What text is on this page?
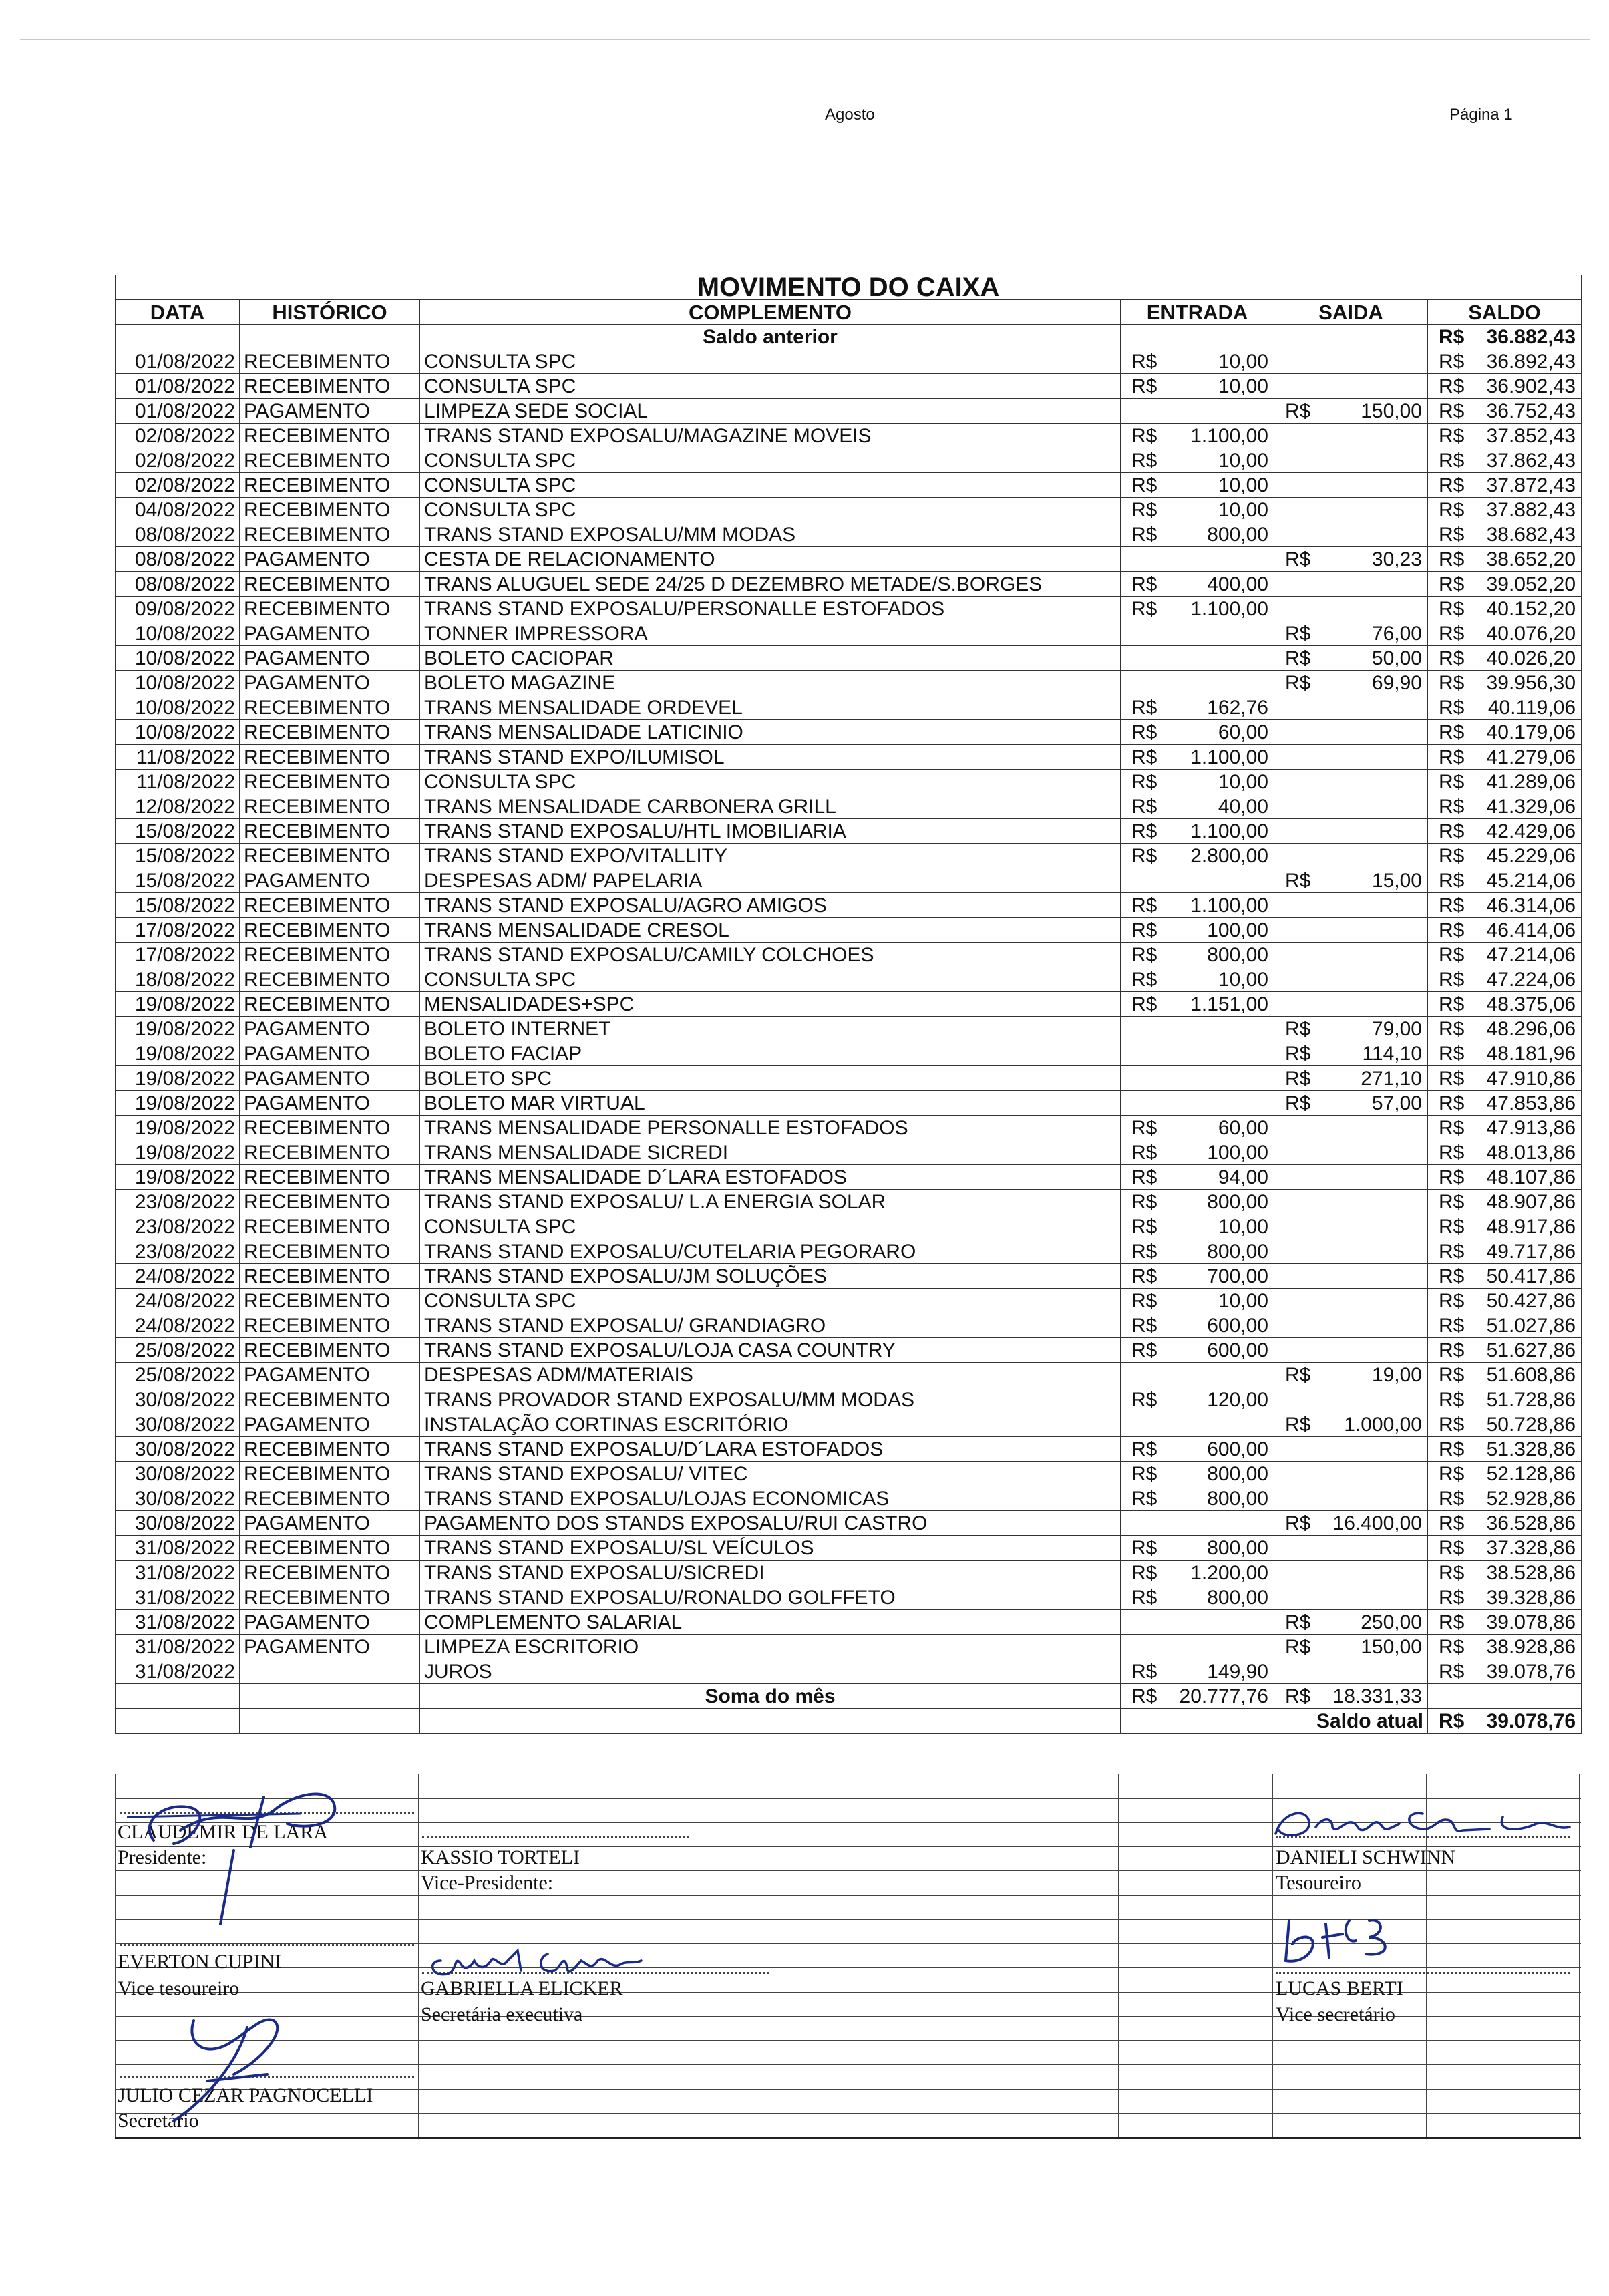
Agosto	Página 1
MOVIMENTO DO CAIXA					
DATA	HISTÓRICO	COMPLEMENTO	ENTRADA	SAIDA	SALDO
		Saldo anterior			R$ 36.882,43

01/08/2022	RECEBIMENTO	CONSULTA SPC	R$ 10,00		R$ 36.892,43

01/08/2022	RECEBIMENTO	CONSULTA SPC	R$ 10,00		R$ 36.902,43

01/08/2022	PAGAMENTO	LIMPEZA SEDE SOCIAL		R$ 150,00	R$ 36.752,43

02/08/2022	RECEBIMENTO	TRANS STAND EXPOSALU/MAGAZINE MOVEIS	R$ 1.100,00		R$ 37.852,43

02/08/2022	RECEBIMENTO	CONSULTA SPC	R$ 10,00		R$ 37.862,43

02/08/2022	RECEBIMENTO	CONSULTA SPC	R$ 10,00		R$ 37.872,43

04/08/2022	RECEBIMENTO	CONSULTA SPC	R$ 10,00		R$ 37.882,43

08/08/2022	RECEBIMENTO	TRANS STAND EXPOSALU/MM MODAS	R$ 800,00		R$ 38.682,43

08/08/2022	PAGAMENTO	CESTA DE RELACIONAMENTO		R$ 30,23	R$ 38.652,20

08/08/2022	RECEBIMENTO	TRANS ALUGUEL SEDE 24/25 D DEZEMBRO METADE/S.BORGES	R$ 400,00		R$ 39.052,20

09/08/2022	RECEBIMENTO	TRANS STAND EXPOSALU/PERSONALLE ESTOFADOS	R$ 1.100,00		R$ 40.152,20

10/08/2022	PAGAMENTO	TONNER IMPRESSORA		R$ 76,00	R$ 40.076,20

10/08/2022	PAGAMENTO	BOLETO CACIOPAR		R$ 50,00	R$ 40.026,20

10/08/2022	PAGAMENTO	BOLETO MAGAZINE		R$ 69,90	R$ 39.956,30

10/08/2022	RECEBIMENTO	TRANS MENSALIDADE ORDEVEL	R$ 162,76		R$ 40.119,06

10/08/2022	RECEBIMENTO	TRANS MENSALIDADE LATICINIO	R$ 60,00		R$ 40.179,06

11/08/2022	RECEBIMENTO	TRANS STAND EXPO/ILUMISOL	R$ 1.100,00		R$ 41.279,06

11/08/2022	RECEBIMENTO	CONSULTA SPC	R$ 10,00		R$ 41.289,06

12/08/2022	RECEBIMENTO	TRANS MENSALIDADE CARBONERA GRILL	R$ 40,00		R$ 41.329,06

15/08/2022	RECEBIMENTO	TRANS STAND EXPOSALU/HTL IMOBILIARIA	R$ 1.100,00		R$ 42.429,06

15/08/2022	RECEBIMENTO	TRANS STAND EXPO/VITALLITY	R$ 2.800,00		R$ 45.229,06

15/08/2022	PAGAMENTO	DESPESAS ADM/ PAPELARIA		R$ 15,00	R$ 45.214,06

15/08/2022	RECEBIMENTO	TRANS STAND EXPOSALU/AGRO AMIGOS	R$ 1.100,00		R$ 46.314,06

17/08/2022	RECEBIMENTO	TRANS MENSALIDADE CRESOL	R$ 100,00		R$ 46.414,06

17/08/2022	RECEBIMENTO	TRANS STAND EXPOSALU/CAMILY COLCHOES	R$ 800,00		R$ 47.214,06

18/08/2022	RECEBIMENTO	CONSULTA SPC	R$ 10,00		R$ 47.224,06

19/08/2022	RECEBIMENTO	MENSALIDADES+SPC	R$ 1.151,00		R$ 48.375,06

19/08/2022	PAGAMENTO	BOLETO INTERNET		R$ 79,00	R$ 48.296,06

19/08/2022	PAGAMENTO	BOLETO FACIAP		R$ 114,10	R$ 48.181,96

19/08/2022	PAGAMENTO	BOLETO SPC		R$ 271,10	R$ 47.910,86

19/08/2022	PAGAMENTO	BOLETO MAR VIRTUAL		R$ 57,00	R$ 47.853,86

19/08/2022	RECEBIMENTO	TRANS MENSALIDADE PERSONALLE ESTOFADOS	R$ 60,00		R$ 47.913,86

19/08/2022	RECEBIMENTO	TRANS MENSALIDADE SICREDI	R$ 100,00		R$ 48.013,86

19/08/2022	RECEBIMENTO	TRANS MENSALIDADE D´LARA ESTOFADOS	R$ 94,00		R$ 48.107,86

23/08/2022	RECEBIMENTO	TRANS STAND EXPOSALU/ L.A ENERGIA SOLAR	R$ 800,00		R$ 48.907,86

23/08/2022	RECEBIMENTO	CONSULTA SPC	R$ 10,00		R$ 48.917,86

23/08/2022	RECEBIMENTO	TRANS STAND EXPOSALU/CUTELARIA PEGORARO	R$ 800,00		R$ 49.717,86

24/08/2022	RECEBIMENTO	TRANS STAND EXPOSALU/JM SOLUÇÕES	R$ 700,00		R$ 50.417,86

24/08/2022	RECEBIMENTO	CONSULTA SPC	R$ 10,00		R$ 50.427,86

24/08/2022	RECEBIMENTO	TRANS STAND EXPOSALU/ GRANDIAGRO	R$ 600,00		R$ 51.027,86

25/08/2022	RECEBIMENTO	TRANS STAND EXPOSALU/LOJA CASA COUNTRY	R$ 600,00		R$ 51.627,86

25/08/2022	PAGAMENTO	DESPESAS ADM/MATERIAIS		R$ 19,00	R$ 51.608,86

30/08/2022	RECEBIMENTO	TRANS PROVADOR STAND EXPOSALU/MM MODAS	R$ 120,00		R$ 51.728,86

30/08/2022	PAGAMENTO	INSTALAÇÃO CORTINAS ESCRITÓRIO		R$ 1.000,00	R$ 50.728,86

30/08/2022	RECEBIMENTO	TRANS STAND EXPOSALU/D´LARA ESTOFADOS	R$ 600,00		R$ 51.328,86

30/08/2022	RECEBIMENTO	TRANS STAND EXPOSALU/ VITEC	R$ 800,00		R$ 52.128,86

30/08/2022	RECEBIMENTO	TRANS STAND EXPOSALU/LOJAS ECONOMICAS	R$ 800,00		R$ 52.928,86

30/08/2022	PAGAMENTO	PAGAMENTO DOS STANDS EXPOSALU/RUI CASTRO		R$ 16.400,00	R$ 36.528,86

31/08/2022	RECEBIMENTO	TRANS STAND EXPOSALU/SL VEÍCULOS	R$ 800,00		R$ 37.328,86

31/08/2022	RECEBIMENTO	TRANS STAND EXPOSALU/SICREDI	R$ 1.200,00		R$ 38.528,86

31/08/2022	RECEBIMENTO	TRANS STAND EXPOSALU/RONALDO GOLFFETO	R$ 800,00		R$ 39.328,86

31/08/2022	PAGAMENTO	COMPLEMENTO SALARIAL		R$ 250,00	R$ 39.078,86

31/08/2022	PAGAMENTO	LIMPEZA ESCRITORIO		R$ 150,00	R$ 38.928,86

31/08/2022		JUROS	R$ 149,90		R$ 39.078,76

		Soma do mês	R$ 20.777,76	R$ 18.331,33	

				Saldo atual	R$ 39.078,76
CLAUDEMIR DE LARA
Presidente:	KASSIO TORTELI
Vice-Presidente:
DANIELI SCHWINN
Tesoureiro
EVERTON CUPINI
Vice tesoureiro	GABRIELLA ELICKER
Secretária executiva
LUCAS BERTI
Vice secretário
JULIO CEZAR PAGNOCELLI
Secretário
